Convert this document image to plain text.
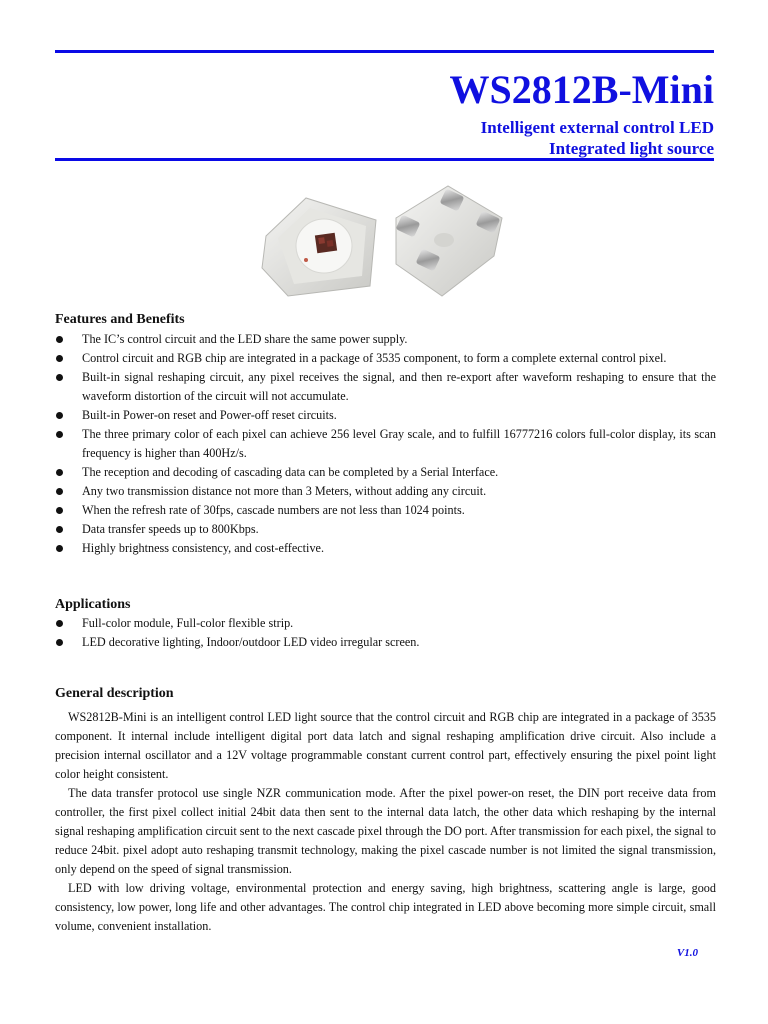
WS2812B-Mini
Intelligent external control LED
Integrated light source
Features and Benefits
The IC’s control circuit and the LED share the same power supply.
Control circuit and RGB chip are integrated in a package of 3535 component, to form a complete external control pixel.
Built-in signal reshaping circuit, any pixel receives the signal, and then re-export after waveform reshaping to ensure that the waveform distortion of the circuit will not accumulate.
Built-in Power-on reset and Power-off reset circuits.
The three primary color of each pixel can achieve 256 level Gray scale, and to fulfill 16777216 colors full-color display, its scan frequency is higher than 400Hz/s.
The reception and decoding of cascading data can be completed by a Serial Interface.
Any two transmission distance not more than 3 Meters, without adding any circuit.
When the refresh rate of 30fps, cascade numbers are not less than 1024 points.
Data transfer speeds up to 800Kbps.
Highly brightness consistency, and cost-effective.
Applications
Full-color module, Full-color flexible strip.
LED decorative lighting, Indoor/outdoor LED video irregular screen.
General description

WS2812B-Mini is an intelligent control LED light source that the control circuit and RGB chip are integrated in a package of 3535 component. It internal include intelligent digital port data latch and signal reshaping amplification drive circuit. Also include a precision internal oscillator and a 12V voltage programmable constant current control part, effectively ensuring the pixel point light color height consistent.

The data transfer protocol use single NZR communication mode. After the pixel power-on reset, the DIN port receive data from controller, the first pixel collect initial 24bit data then sent to the internal data latch, the other data which reshaping by the internal signal reshaping amplification circuit sent to the next cascade pixel through the DO port. After transmission for each pixel, the signal to reduce 24bit. pixel adopt auto reshaping transmit technology, making the pixel cascade number is not limited the signal transmission, only depend on the speed of signal transmission.

LED with low driving voltage, environmental protection and energy saving, high brightness, scattering angle is large, good consistency, low power, long life and other advantages. The control chip integrated in LED above becoming more simple circuit, small volume, convenient installation.

V1.0
